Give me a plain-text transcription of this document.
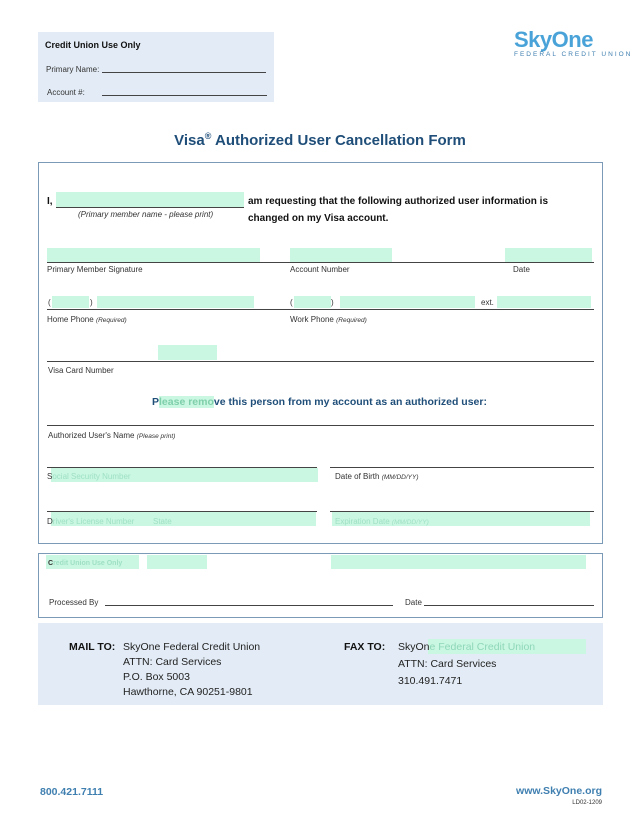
Credit Union Use Only
Primary Name:
Account #:
SkyOne
FEDERAL CREDIT UNION
Visa® Authorized User Cancellation Form
I,
(Primary member name - please print)
am requesting that the following authorized user information is
changed on my Visa account.
Primary Member Signature	Account Number	Date
(	)	(	)	ext.
Home Phone (Required)	Work Phone (Required)
Visa Card Number
Please remove this person from my account as an authorized user:
Authorized User's Name (Please print)
Social Security Number	Date of Birth (MM/DD/YY)
Driver's License Number State	Expiration Date (MM/DD/YY)
Credit Union Use Only
Processed By	Date
MAIL TO: SkyOne Federal Credit Union
ATTN: Card Services
P.O. Box 5003
Hawthorne, CA 90251-9801
FAX TO: SkyOne Federal Credit Union
ATTN: Card Services
310.491.7471
800.421.7111	www.SkyOne.org
LD02-1209
